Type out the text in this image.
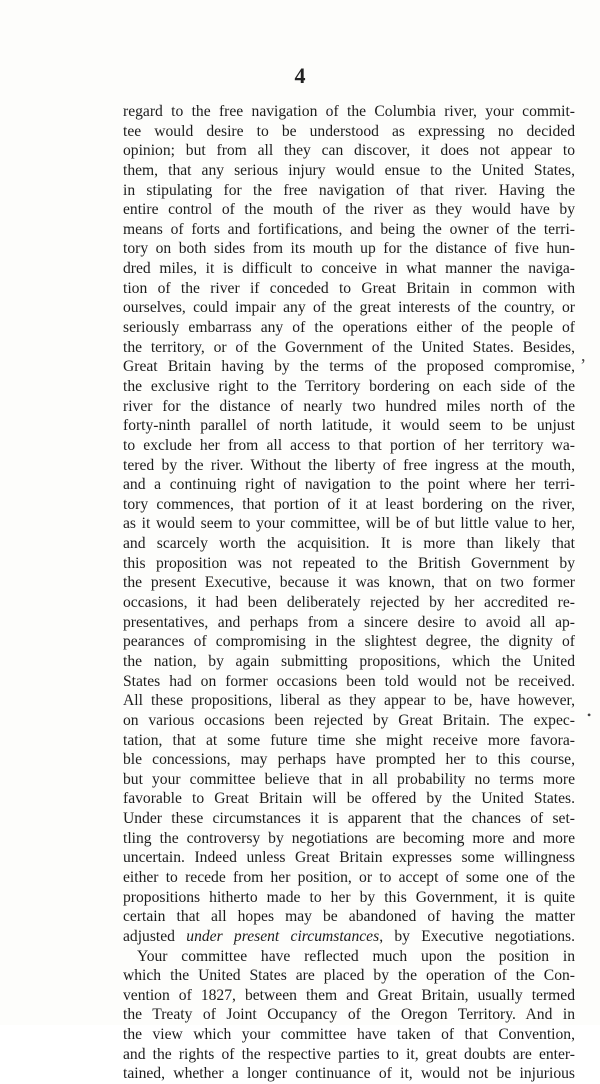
4
regard to the free navigation of the Columbia river, your commit-
tee would desire to be understood as expressing no decided
opinion; but from all they can discover, it does not appear to
them, that any serious injury would ensue to the United States,
in stipulating for the free navigation of that river. Having the
entire control of the mouth of the river as they would have by
means of forts and fortifications, and being the owner of the terri-
tory on both sides from its mouth up for the distance of five hun-
dred miles, it is difficult to conceive in what manner the naviga-
tion of the river if conceded to Great Britain in common with
ourselves, could impair any of the great interests of the country, or
seriously embarrass any of the operations either of the people of
the territory, or of the Government of the United States. Besides,
Great Britain having by the terms of the proposed compromise,
the exclusive right to the Territory bordering on each side of the
river for the distance of nearly two hundred miles north of the
forty-ninth parallel of north latitude, it would seem to be unjust
to exclude her from all access to that portion of her territory wa-
tered by the river. Without the liberty of free ingress at the mouth,
and a continuing right of navigation to the point where her terri-
tory commences, that portion of it at least bordering on the river,
as it would seem to your committee, will be of but little value to her,
and scarcely worth the acquisition. It is more than likely that
this proposition was not repeated to the British Government by
the present Executive, because it was known, that on two former
occasions, it had been deliberately rejected by her accredited re-
presentatives, and perhaps from a sincere desire to avoid all ap-
pearances of compromising in the slightest degree, the dignity of
the nation, by again submitting propositions, which the United
States had on former occasions been told would not be received.
All these propositions, liberal as they appear to be, have however,
on various occasions been rejected by Great Britain. The expec-
tation, that at some future time she might receive more favora-
ble concessions, may perhaps have prompted her to this course,
but your committee believe that in all probability no terms more
favorable to Great Britain will be offered by the United States.
Under these circumstances it is apparent that the chances of set-
tling the controversy by negotiations are becoming more and more
uncertain. Indeed unless Great Britain expresses some willingness
either to recede from her position, or to accept of some one of the
propositions hitherto made to her by this Government, it is quite
certain that all hopes may be abandoned of having the matter
adjusted under present circumstances, by Executive negotiations.
Your committee have reflected much upon the position in
which the United States are placed by the operation of the Con-
vention of 1827, between them and Great Britain, usually termed
the Treaty of Joint Occupancy of the Oregon Territory. And in
the view which your committee have taken of that Convention,
and the rights of the respective parties to it, great doubts are enter-
tained, whether a longer continuance of it, would not be injurious
,
•
